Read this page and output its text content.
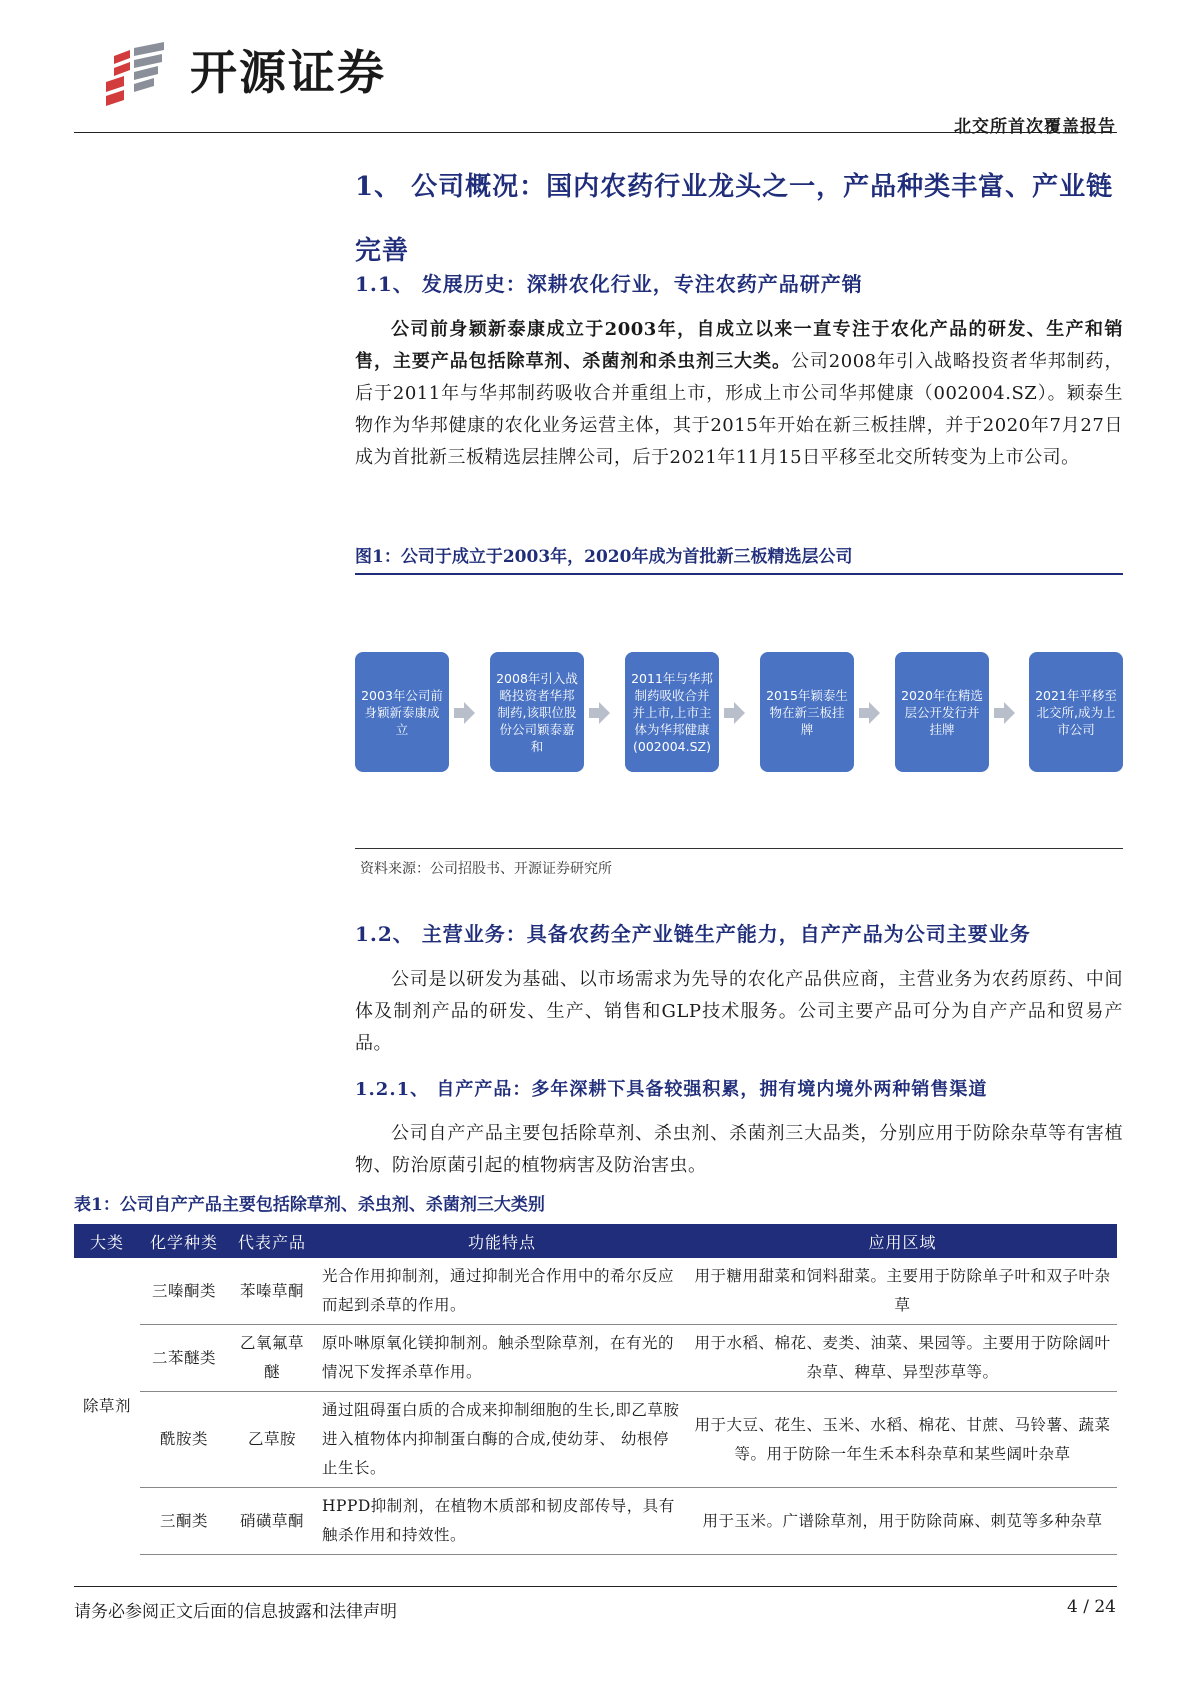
开源证券
北交所首次覆盖报告
1、 公司概况：国内农药行业龙头之一，产品种类丰富、产业链完善
1.1、 发展历史：深耕农化行业，专注农药产品研产销
公司前身颖新泰康成立于2003年，自成立以来一直专注于农化产品的研发、生产和销售，主要产品包括除草剂、杀菌剂和杀虫剂三大类。公司2008年引入战略投资者华邦制药，后于2011年与华邦制药吸收合并重组上市，形成上市公司华邦健康（002004.SZ）。颖泰生物作为华邦健康的农化业务运营主体，其于2015年开始在新三板挂牌，并于2020年7月27日成为首批新三板精选层挂牌公司，后于2021年11月15日平移至北交所转变为上市公司。
图1：公司于成立于2003年，2020年成为首批新三板精选层公司
2003年公司前身颖新泰康成立
2008年引入战略投资者华邦制药,该职位股份公司颖泰嘉和
2011年与华邦制药吸收合并并上市,上市主体为华邦健康(002004.SZ)
2015年颖泰生物在新三板挂牌
2020年在精选层公开发行并挂牌
2021年平移至北交所,成为上市公司
资料来源：公司招股书、开源证券研究所
1.2、 主营业务：具备农药全产业链生产能力，自产产品为公司主要业务
公司是以研发为基础、以市场需求为先导的农化产品供应商，主营业务为农药原药、中间体及制剂产品的研发、生产、销售和GLP技术服务。公司主要产品可分为自产产品和贸易产品。
1.2.1、 自产产品：多年深耕下具备较强积累，拥有境内境外两种销售渠道
公司自产产品主要包括除草剂、杀虫剂、杀菌剂三大品类，分别应用于防除杂草等有害植物、防治原菌引起的植物病害及防治害虫。
表1：公司自产产品主要包括除草剂、杀虫剂、杀菌剂三大类别
大类	化学种类	代表产品	功能特点	应用区域
除草剂	三嗪酮类	苯嗪草酮	光合作用抑制剂，通过抑制光合作用中的希尔反应而起到杀草的作用。	用于糖用甜菜和饲料甜菜。主要用于防除单子叶和双子叶杂草
	二苯醚类	乙氧氟草醚	原卟啉原氧化镁抑制剂。触杀型除草剂，在有光的情况下发挥杀草作用。	用于水稻、棉花、麦类、油菜、果园等。主要用于防除阔叶杂草、稗草、异型莎草等。
	酰胺类	乙草胺	通过阻碍蛋白质的合成来抑制细胞的生长,即乙草胺进入植物体内抑制蛋白酶的合成,使幼芽、 幼根停止生长。	用于大豆、花生、玉米、水稻、棉花、甘蔗、马铃薯、蔬菜等。用于防除一年生禾本科杂草和某些阔叶杂草
	三酮类	硝磺草酮	HPPD抑制剂，在植物木质部和韧皮部传导，具有触杀作用和持效性。	用于玉米。广谱除草剂，用于防除苘麻、刺苋等多种杂草
请务必参阅正文后面的信息披露和法律声明	4 / 24
